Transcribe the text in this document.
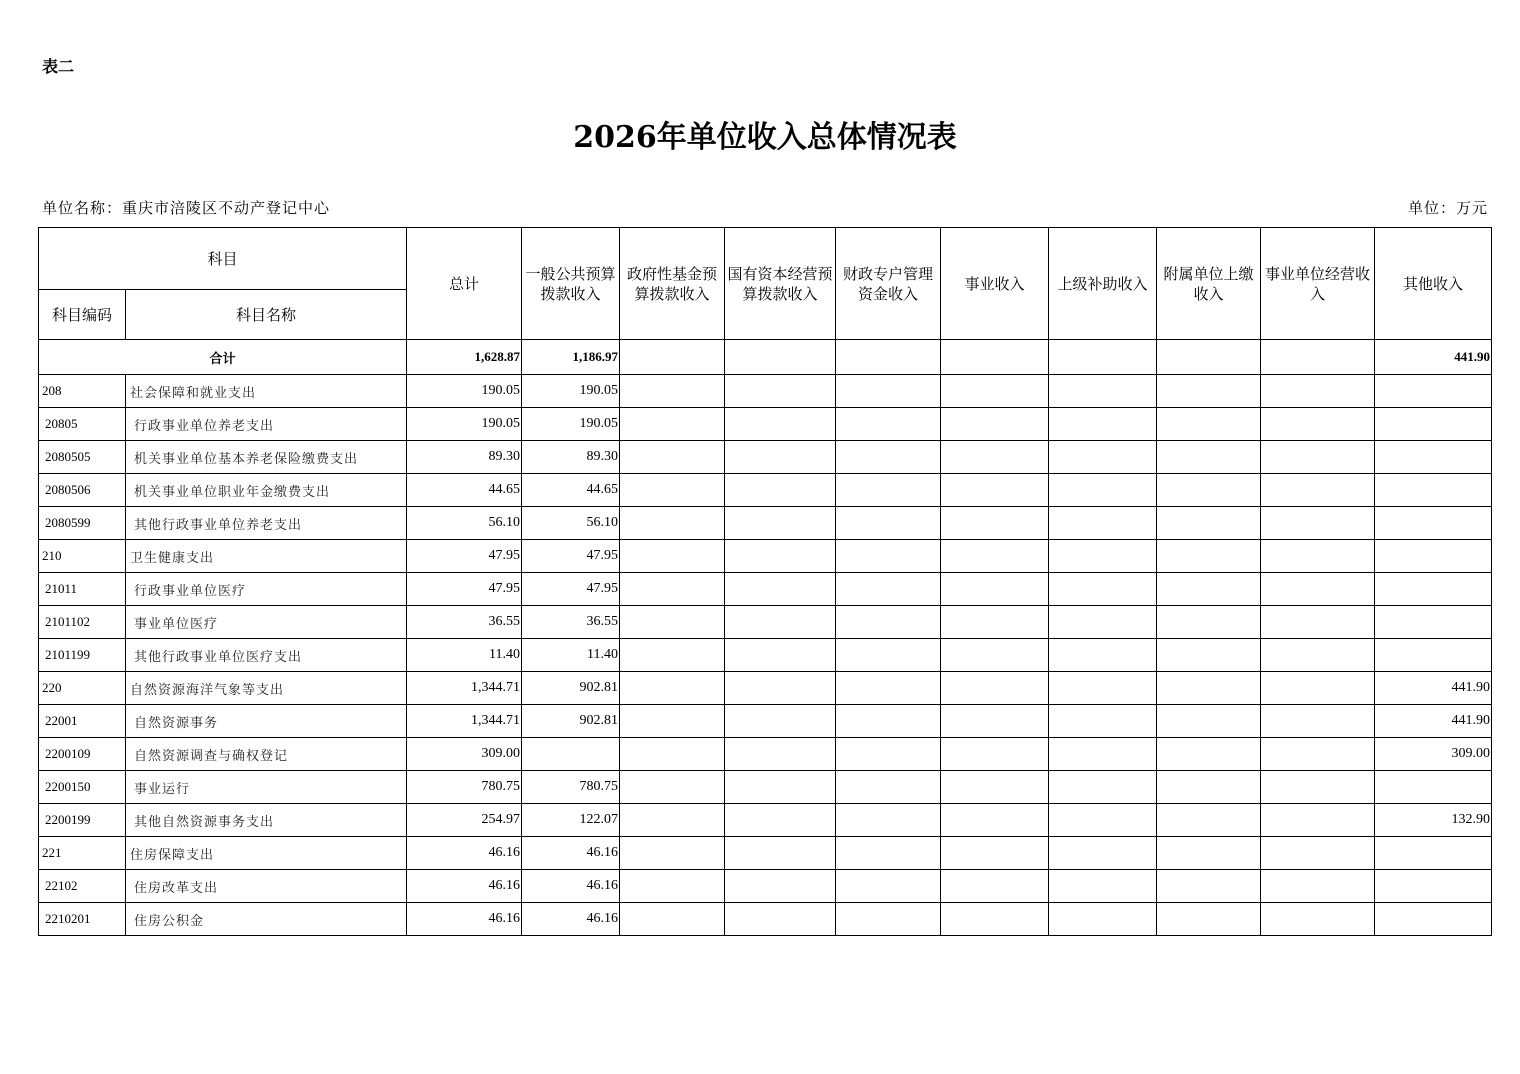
表二
2026年单位收入总体情况表
单位名称：重庆市涪陵区不动产登记中心	单位：万元
科目		总计	一般公共预算拨款收入	政府性基金预算拨款收入	国有资本经营预算拨款收入	财政专户管理资金收入	事业收入	上级补助收入	附属单位上缴收入	事业单位经营收入	其他收入
科目编码	科目名称										
合计		1,628.87	1,186.97								441.90
208	社会保障和就业支出	190.05	190.05								
20805	行政事业单位养老支出	190.05	190.05								
2080505	机关事业单位基本养老保险缴费支出	89.30	89.30								
2080506	机关事业单位职业年金缴费支出	44.65	44.65								
2080599	其他行政事业单位养老支出	56.10	56.10								
210	卫生健康支出	47.95	47.95								
21011	行政事业单位医疗	47.95	47.95								
2101102	事业单位医疗	36.55	36.55								
2101199	其他行政事业单位医疗支出	11.40	11.40								
220	自然资源海洋气象等支出	1,344.71	902.81								441.90
22001	自然资源事务	1,344.71	902.81								441.90
2200109	自然资源调查与确权登记	309.00									309.00
2200150	事业运行	780.75	780.75								
2200199	其他自然资源事务支出	254.97	122.07								132.90
221	住房保障支出	46.16	46.16								
22102	住房改革支出	46.16	46.16								
2210201	住房公积金	46.16	46.16								
